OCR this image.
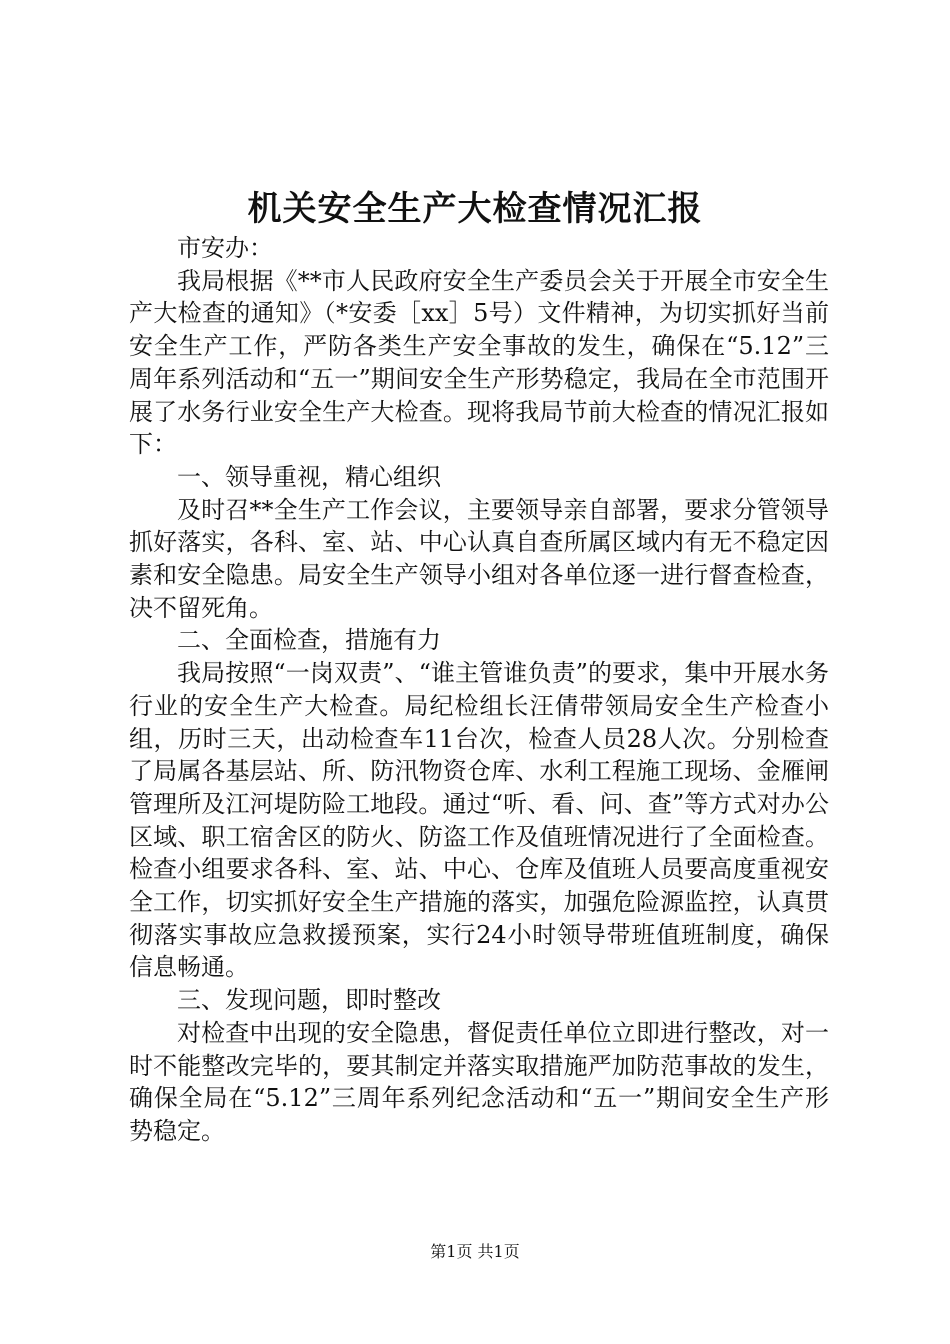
机关安全生产大检查情况汇报

市安办：

我局根据《**市人民政府安全生产委员会关于开展全市安全生产大检查的通知》（*安委［xx］5号）文件精神，为切实抓好当前安全生产工作，严防各类生产安全事故的发生，确保在“5.12”三周年系列活动和“五一”期间安全生产形势稳定，我局在全市范围开展了水务行业安全生产大检查。现将我局节前大检查的情况汇报如下：

一、领导重视，精心组织

及时召**全生产工作会议，主要领导亲自部署，要求分管领导抓好落实，各科、室、站、中心认真自查所属区域内有无不稳定因素和安全隐患。局安全生产领导小组对各单位逐一进行督查检查，决不留死角。

二、全面检查，措施有力

我局按照“一岗双责”、“谁主管谁负责”的要求，集中开展水务行业的安全生产大检查。局纪检组长汪倩带领局安全生产检查小组，历时三天，出动检查车11台次，检查人员28人次。分别检查了局属各基层站、所、防汛物资仓库、水利工程施工现场、金雁闸管理所及江河堤防险工地段。通过“听、看、问、查”等方式对办公区域、职工宿舍区的防火、防盗工作及值班情况进行了全面检查。检查小组要求各科、室、站、中心、仓库及值班人员要高度重视安全工作，切实抓好安全生产措施的落实，加强危险源监控，认真贯彻落实事故应急救援预案，实行24小时领导带班值班制度，确保信息畅通。

三、发现问题，即时整改

对检查中出现的安全隐患，督促责任单位立即进行整改，对一时不能整改完毕的，要其制定并落实取措施严加防范事故的发生，确保全局在“5.12”三周年系列纪念活动和“五一”期间安全生产形势稳定。

第1页 共1页
